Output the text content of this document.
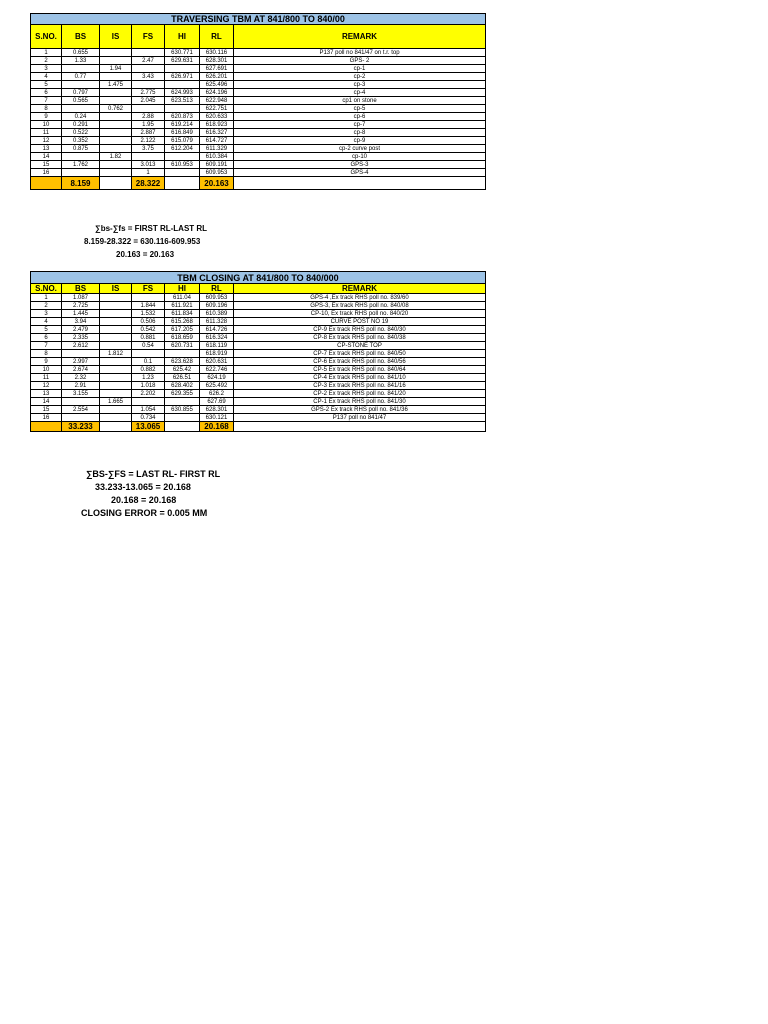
TRAVERSING TBM AT 841/800 TO 840/00						
S.NO.	BS	IS	FS	HI	RL	REMARK
1	0.655			630.771	630.116	P137 poll no 841/47 on t.r. top
2	1.33		2.47	629.631	628.301	GPS- 2
3		1.94			627.691	cp-1
4	0.77		3.43	626.971	626.201	cp-2
5		1.475			625.496	cp-3
6	0.797		2.775	624.993	624.196	cp-4
7	0.565		2.045	623.513	622.948	cp1 on stone
8		0.762			622.751	cp-5
9	0.24		2.88	620.873	620.633	cp-6
10	0.291		1.95	619.214	618.923	cp-7
11	0.522		2.887	616.849	616.327	cp-8
12	0.352		2.122	615.079	614.727	cp-9
13	0.875		3.75	612.204	611.329	cp-2 curve post
14		1.82			610.384	cp-10
15	1.762		3.013	610.953	609.191	GPS-3
16			1		609.953	GPS-4
	8.159		28.322		20.163	
∑bs-∑fs = FIRST RL-LAST RL
8.159-28.322 = 630.116-609.953
20.163 = 20.163
TBM CLOSING AT 841/800 TO 840/000						
S.NO.	BS	IS	FS	HI	RL	REMARK
1	1.087			611.04	609.953	GPS-4 ,Ex track RHS poll no. 839/60
2	2.725		1.844	611.921	609.196	GPS-3, Ex track RHS poll no. 840/08
3	1.445		1.532	611.834	610.389	CP-10, Ex track RHS poll no. 840/20
4	3.94		0.506	615.268	611.328	CURVE POST NO 19
5	2.479		0.542	617.205	614.726	CP-9 Ex track RHS poll no. 840/30
6	2.335		0.881	618.659	616.324	CP-8 Ex track RHS poll no. 840/38
7	2.612		0.54	620.731	618.119	CP-STONE TOP
8		1.812			618.919	CP-7 Ex track RHS poll no. 840/50
9	2.997		0.1	623.628	620.631	CP-6 Ex track RHS poll no. 840/56
10	2.674		0.882	625.42	622.746	CP-5 Ex track RHS poll no. 840/64
11	2.32		1.23	626.51	624.19	CP-4 Ex track RHS poll no. 841/10
12	2.91		1.018	628.402	625.492	CP-3 Ex track RHS poll no. 841/16
13	3.155		2.202	629.355	626.2	CP-2 Ex track RHS poll no. 841/20
14		1.665			627.69	CP-1 Ex track RHS poll no. 841/30
15	2.554		1.054	630.855	628.301	GPS-2 Ex track RHS poll no. 841/36
16			0.734		630.121	P137 poll no 841/47
	33.233		13.065		20.168	
∑BS-∑FS = LAST RL- FIRST RL
33.233-13.065 = 20.168
20.168 = 20.168
CLOSING ERROR = 0.005 MM
